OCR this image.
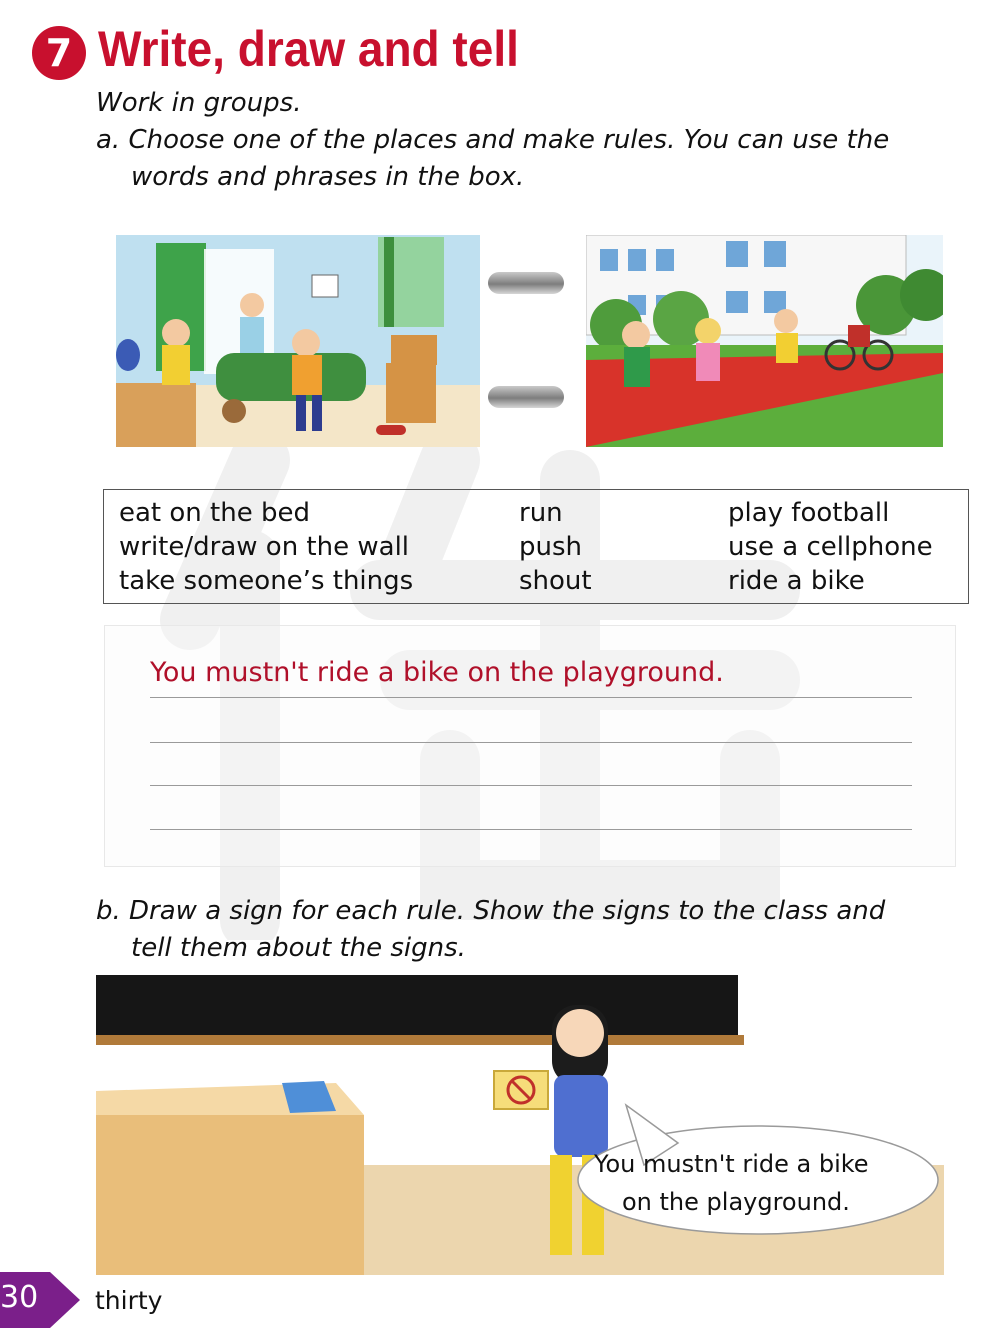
7 Write, draw and tell
Work in groups.
a. Choose one of the places and make rules. You can use the
words and phrases in the box.
eat on the bed
write/draw on the wall
take someone’s things
run
push
shout
play football
use a cellphone
ride a bike
You mustn't ride a bike on the playground.
b. Draw a sign for each rule. Show the signs to the class and
tell them about the signs.
You mustn't ride a bike
on the playground.
30 thirty
